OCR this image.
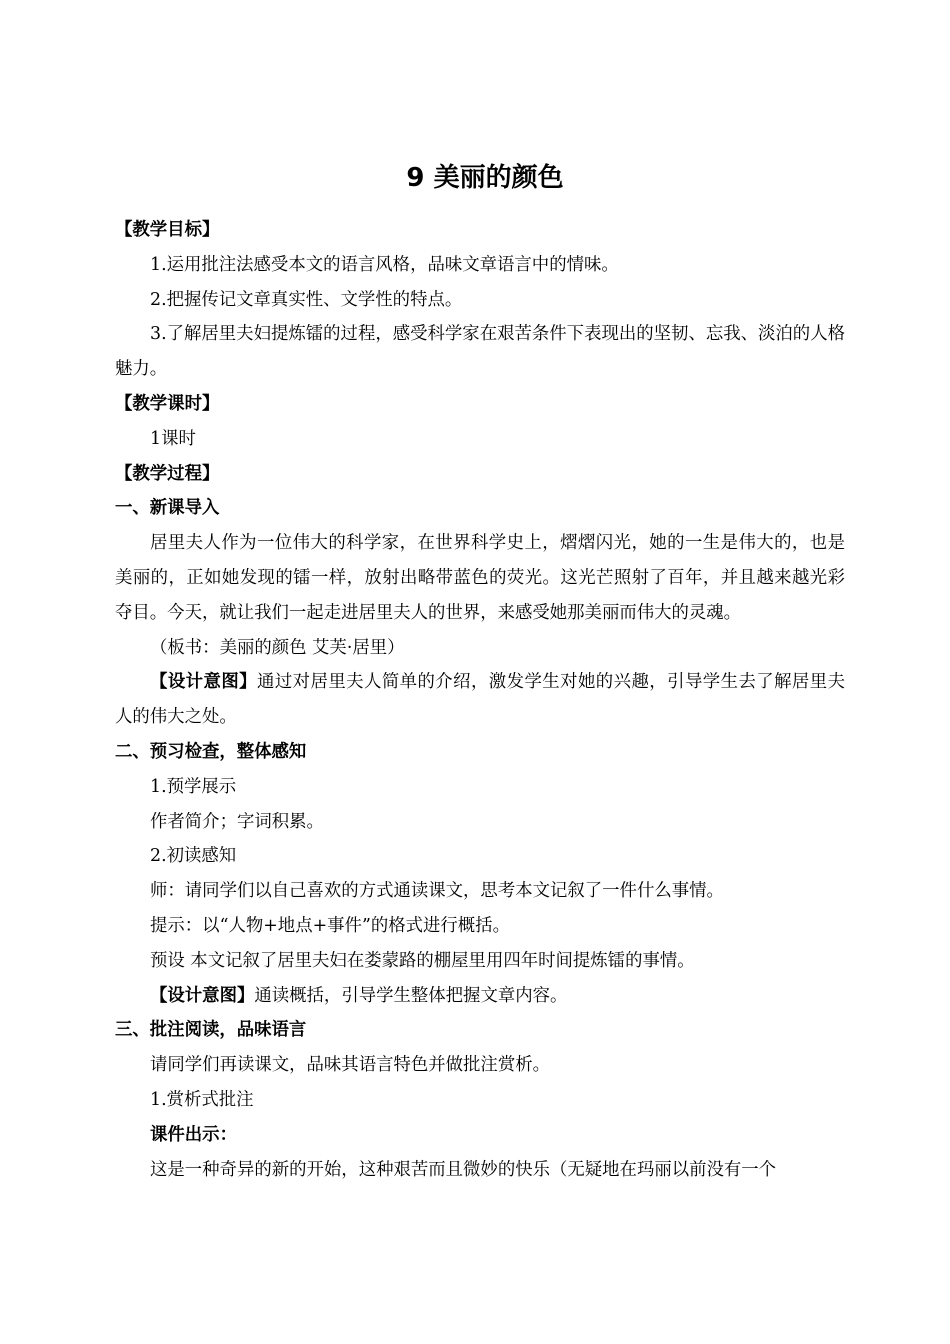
9 美丽的颜色

【教学目标】

1.运用批注法感受本文的语言风格，品味文章语言中的情味。

2.把握传记文章真实性、文学性的特点。

3.了解居里夫妇提炼镭的过程，感受科学家在艰苦条件下表现出的坚韧、忘我、淡泊的人格魅力。

【教学课时】

1课时

【教学过程】

一、新课导入

居里夫人作为一位伟大的科学家，在世界科学史上，熠熠闪光，她的一生是伟大的，也是美丽的，正如她发现的镭一样，放射出略带蓝色的荧光。这光芒照射了百年，并且越来越光彩夺目。今天，就让我们一起走进居里夫人的世界，来感受她那美丽而伟大的灵魂。

（板书：美丽的颜色 艾芙·居里）

【设计意图】通过对居里夫人简单的介绍，激发学生对她的兴趣，引导学生去了解居里夫人的伟大之处。

二、预习检查，整体感知

1.预学展示

作者简介；字词积累。

2.初读感知

师：请同学们以自己喜欢的方式通读课文，思考本文记叙了一件什么事情。

提示：以“人物+地点+事件”的格式进行概括。

预设 本文记叙了居里夫妇在娄蒙路的棚屋里用四年时间提炼镭的事情。

【设计意图】通读概括，引导学生整体把握文章内容。

三、批注阅读，品味语言

请同学们再读课文，品味其语言特色并做批注赏析。

1.赏析式批注

课件出示：

这是一种奇异的新的开始，这种艰苦而且微妙的快乐（无疑地在玛丽以前没有一个
